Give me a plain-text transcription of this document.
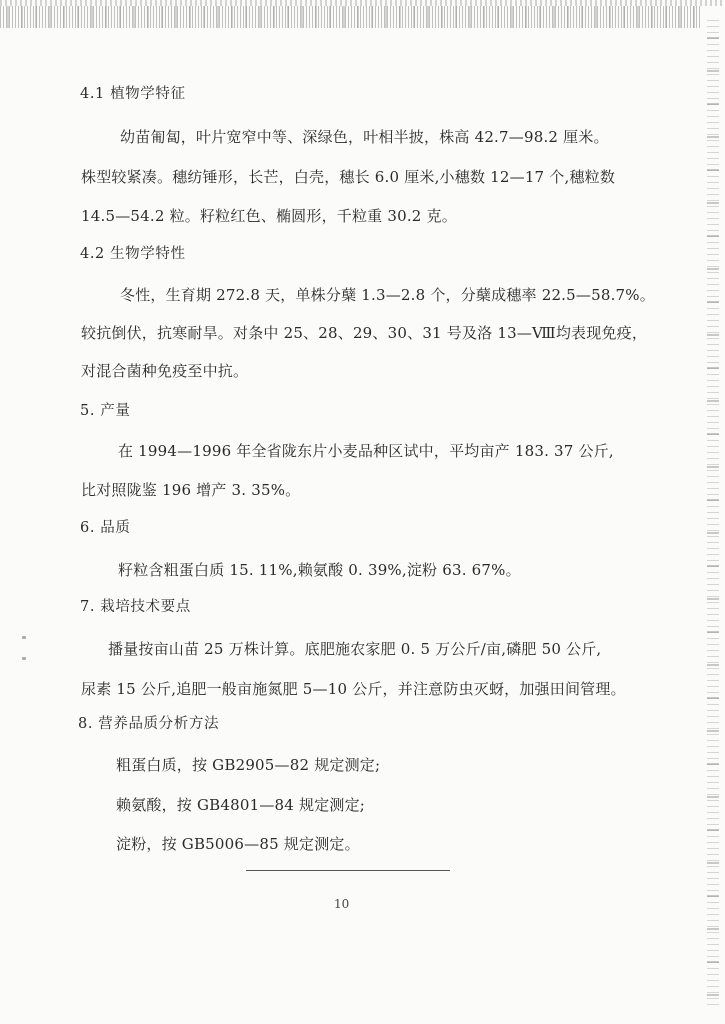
4.1 植物学特征
幼苗匍匐，叶片宽窄中等、深绿色，叶相半披，株高 42.7—98.2 厘米。
株型较紧凑。穗纺锤形，长芒，白壳，穗长 6.0 厘米,小穗数 12—17 个,穗粒数
14.5—54.2 粒。籽粒红色、椭圆形，千粒重 30.2 克。
4.2 生物学特性
冬性，生育期 272.8 天，单株分蘖 1.3—2.8 个，分蘖成穗率 22.5—58.7%。
较抗倒伏，抗寒耐旱。对条中 25、28、29、30、31 号及洛 13—Ⅷ均表现免疫，
对混合菌种免疫至中抗。
5. 产量
在 1994—1996 年全省陇东片小麦品种区试中，平均亩产 183. 37 公斤,
比对照陇鉴 196 增产 3. 35%。
6. 品质
籽粒含粗蛋白质 15. 11%,赖氨酸 0. 39%,淀粉 63. 67%。
7. 栽培技术要点
播量按亩山苗 25 万株计算。底肥施农家肥 0. 5 万公斤/亩,磷肥 50 公斤,
尿素 15 公斤,追肥一般亩施氮肥 5—10 公斤，并注意防虫灭蚜，加强田间管理。
8. 营养品质分析方法
粗蛋白质，按 GB2905—82 规定测定;
赖氨酸，按 GB4801—84 规定测定;
淀粉，按 GB5006—85 规定测定。
10
